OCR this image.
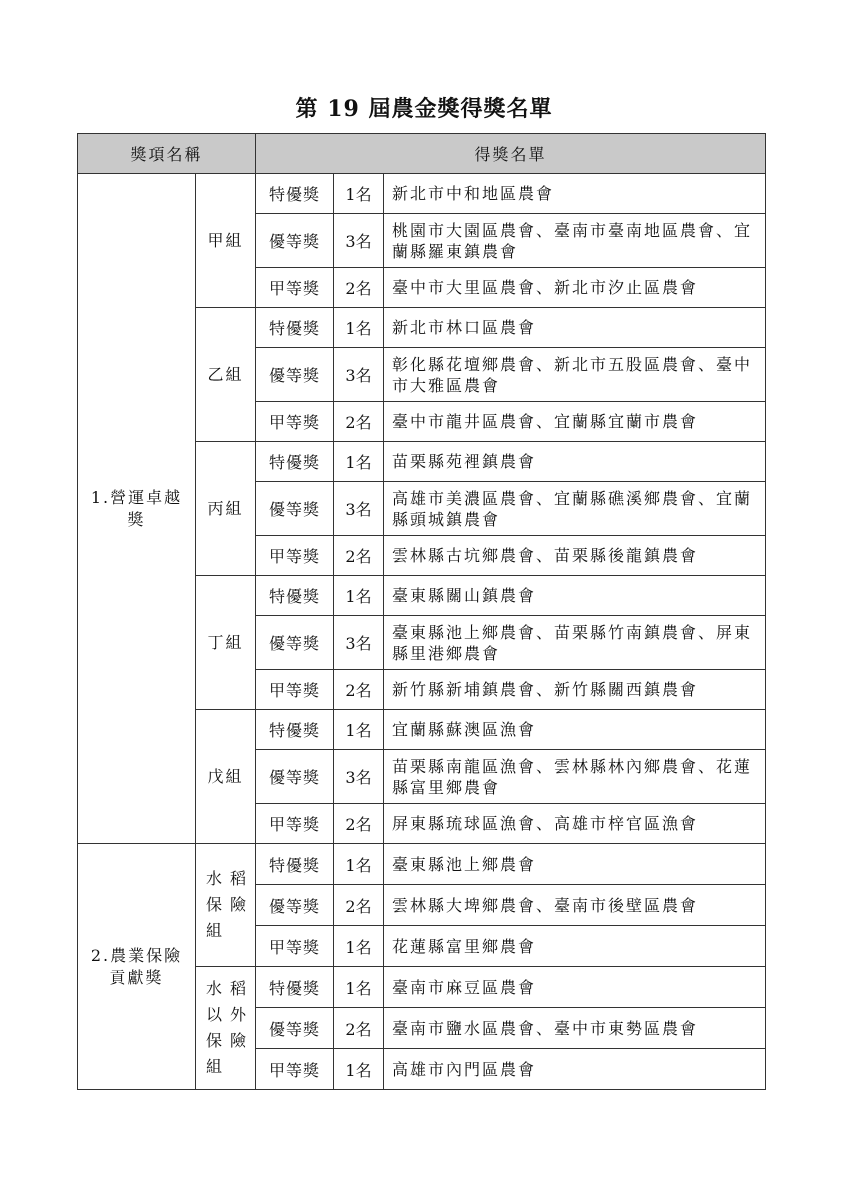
第 19 屆農金獎得獎名單
獎項名稱		得獎名單		
1.營運卓越獎	甲組	特優獎	1名	新北市中和地區農會
		優等獎	3名	桃園市大園區農會、臺南市臺南地區農會、宜蘭縣羅東鎮農會
		甲等獎	2名	臺中市大里區農會、新北市汐止區農會
	乙組	特優獎	1名	新北市林口區農會
		優等獎	3名	彰化縣花壇鄉農會、新北市五股區農會、臺中市大雅區農會
		甲等獎	2名	臺中市龍井區農會、宜蘭縣宜蘭市農會
	丙組	特優獎	1名	苗栗縣苑裡鎮農會
		優等獎	3名	高雄市美濃區農會、宜蘭縣礁溪鄉農會、宜蘭縣頭城鎮農會
		甲等獎	2名	雲林縣古坑鄉農會、苗栗縣後龍鎮農會
	丁組	特優獎	1名	臺東縣關山鎮農會
		優等獎	3名	臺東縣池上鄉農會、苗栗縣竹南鎮農會、屏東縣里港鄉農會
		甲等獎	2名	新竹縣新埔鎮農會、新竹縣關西鎮農會
	戊組	特優獎	1名	宜蘭縣蘇澳區漁會
		優等獎	3名	苗栗縣南龍區漁會、雲林縣林內鄉農會、花蓮縣富里鄉農會
		甲等獎	2名	屏東縣琉球區漁會、高雄市梓官區漁會
2.農業保險貢獻獎	水稻保險組	特優獎	1名	臺東縣池上鄉農會
		優等獎	2名	雲林縣大埤鄉農會、臺南市後壁區農會
		甲等獎	1名	花蓮縣富里鄉農會
	水稻以外保險組	特優獎	1名	臺南市麻豆區農會
		優等獎	2名	臺南市鹽水區農會、臺中市東勢區農會
		甲等獎	1名	高雄市內門區農會
